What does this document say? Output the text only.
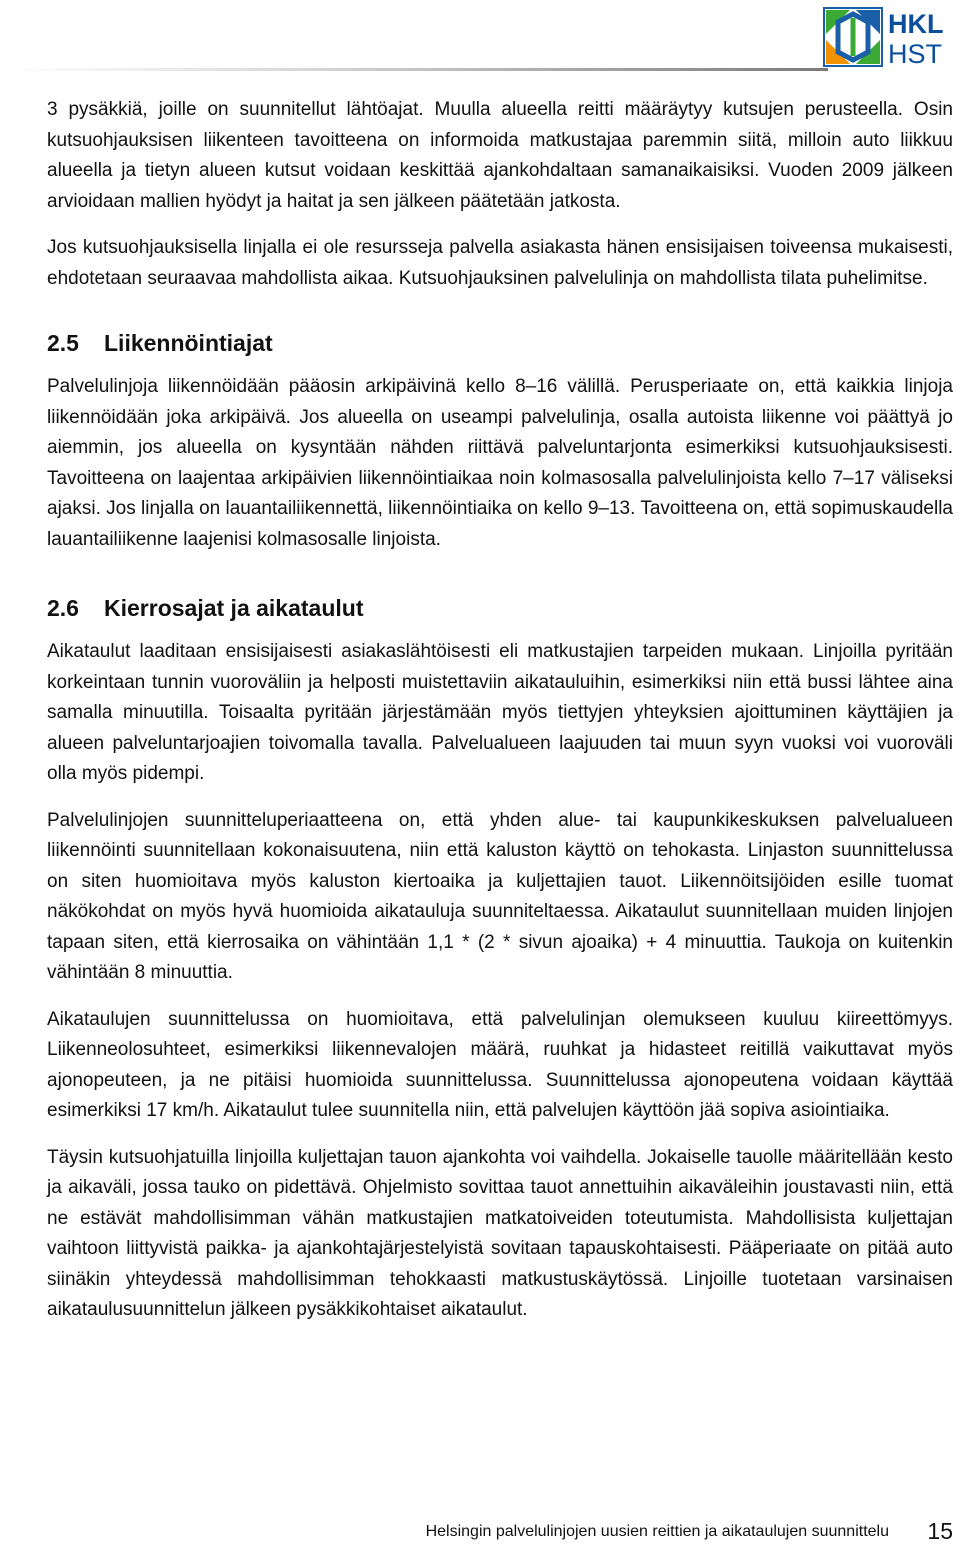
HKL
HST

3 pysäkkiä, joille on suunnitellut lähtöajat. Muulla alueella reitti määräytyy kutsujen perusteella. Osin kutsuohjauksisen liikenteen tavoitteena on informoida matkustajaa paremmin siitä, milloin auto liikkuu alueella ja tietyn alueen kutsut voidaan keskittää ajankohdaltaan samanaikaisiksi. Vuoden 2009 jälkeen arvioidaan mallien hyödyt ja haitat ja sen jälkeen päätetään jatkosta.

Jos kutsuohjauksisella linjalla ei ole resursseja palvella asiakasta hänen ensisijaisen toiveensa mukaisesti, ehdotetaan seuraavaa mahdollista aikaa. Kutsuohjauksinen palvelulinja on mahdollista tilata puhelimitse.

2.5	Liikennöintiajat

Palvelulinjoja liikennöidään pääosin arkipäivinä kello 8–16 välillä. Perusperiaate on, että kaikkia linjoja liikennöidään joka arkipäivä. Jos alueella on useampi palvelulinja, osalla autoista liikenne voi päättyä jo aiemmin, jos alueella on kysyntään nähden riittävä palveluntarjonta esimerkiksi kutsuohjauksisesti. Tavoitteena on laajentaa arkipäivien liikennöintiaikaa noin kolmasosalla palvelulinjoista kello 7–17 väliseksi ajaksi. Jos linjalla on lauantailiikennettä, liikennöintiaika on kello 9–13. Tavoitteena on, että sopimuskaudella lauantailiikenne laajenisi kolmasosalle linjoista.

2.6	Kierrosajat ja aikataulut

Aikataulut laaditaan ensisijaisesti asiakaslähtöisesti eli matkustajien tarpeiden mukaan. Linjoilla pyritään korkeintaan tunnin vuoroväliin ja helposti muistettaviin aikatauluihin, esimerkiksi niin että bussi lähtee aina samalla minuutilla. Toisaalta pyritään järjestämään myös tiettyjen yhteyksien ajoittuminen käyttäjien ja alueen palveluntarjoajien toivomalla tavalla. Palvelualueen laajuuden tai muun syyn vuoksi voi vuoroväli olla myös pidempi.

Palvelulinjojen suunnitteluperiaatteena on, että yhden alue- tai kaupunkikeskuksen palvelualueen liikennöinti suunnitellaan kokonaisuutena, niin että kaluston käyttö on tehokasta. Linjaston suunnittelussa on siten huomioitava myös kaluston kiertoaika ja kuljettajien tauot. Liikennöitsijöiden esille tuomat näkökohdat on myös hyvä huomioida aikatauluja suunniteltaessa. Aikataulut suunnitellaan muiden linjojen tapaan siten, että kierrosaika on vähintään 1,1 * (2 * sivun ajoaika) + 4 minuuttia. Taukoja on kuitenkin vähintään 8 minuuttia.

Aikataulujen suunnittelussa on huomioitava, että palvelulinjan olemukseen kuuluu kiireettömyys. Liikenneolosuhteet, esimerkiksi liikennevalojen määrä, ruuhkat ja hidasteet reitillä vaikuttavat myös ajonopeuteen, ja ne pitäisi huomioida suunnittelussa. Suunnittelussa ajonopeutena voidaan käyttää esimerkiksi 17 km/h. Aikataulut tulee suunnitella niin, että palvelujen käyttöön jää sopiva asiointiaika.

Täysin kutsuohjatuilla linjoilla kuljettajan tauon ajankohta voi vaihdella. Jokaiselle tauolle määritellään kesto ja aikaväli, jossa tauko on pidettävä. Ohjelmisto sovittaa tauot annettuihin aikaväleihin joustavasti niin, että ne estävät mahdollisimman vähän matkustajien matkatoiveiden toteutumista. Mahdollisista kuljettajan vaihtoon liittyvistä paikka- ja ajankohtajärjestelyistä sovitaan tapauskohtaisesti. Pääperiaate on pitää auto siinäkin yhteydessä mahdollisimman tehokkaasti matkustuskäytössä. Linjoille tuotetaan varsinaisen aikataulusuunnittelun jälkeen pysäkkikohtaiset aikataulut.

Helsingin palvelulinjojen uusien reittien ja aikataulujen suunnittelu 15
